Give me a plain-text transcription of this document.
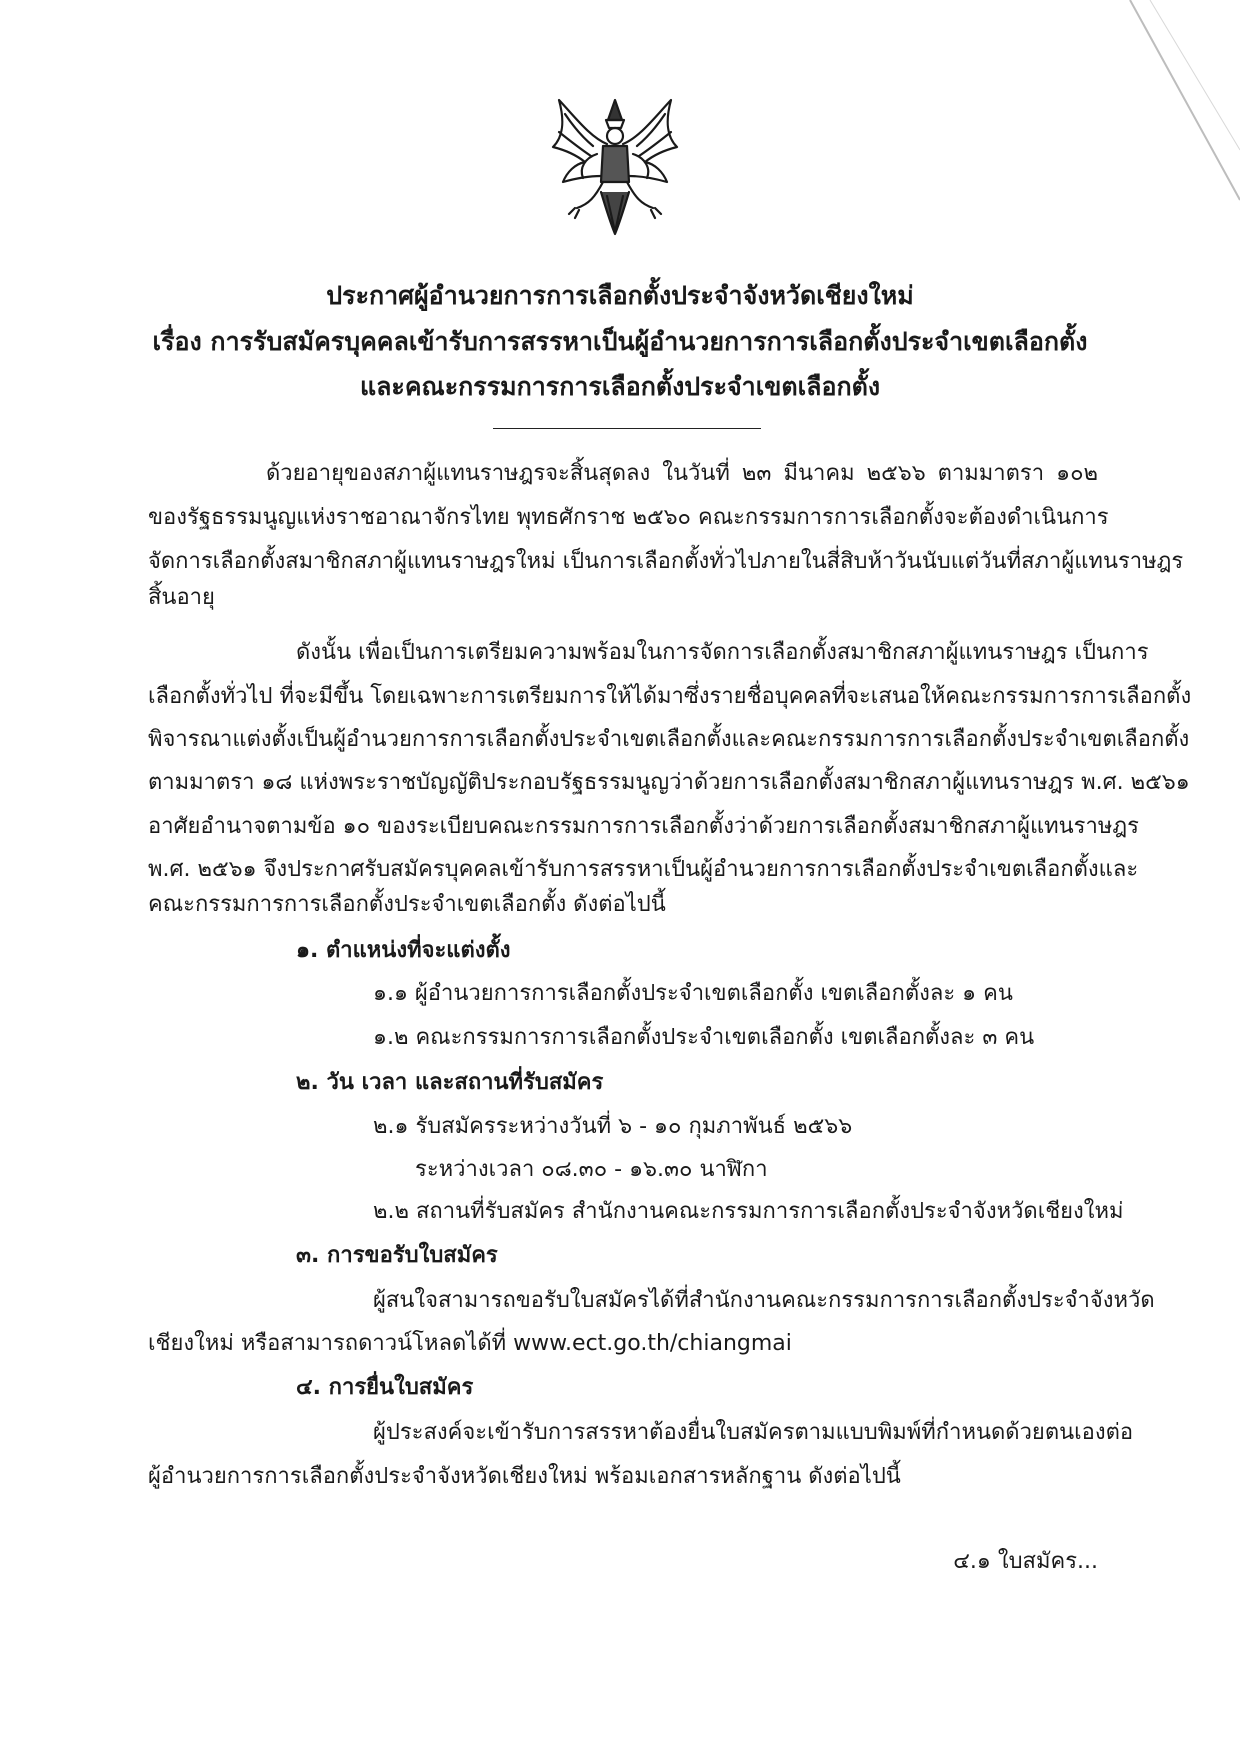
ประกาศผู้อำนวยการการเลือกตั้งประจำจังหวัดเชียงใหม่
เรื่อง การรับสมัครบุคคลเข้ารับการสรรหาเป็นผู้อำนวยการการเลือกตั้งประจำเขตเลือกตั้ง
และคณะกรรมการการเลือกตั้งประจำเขตเลือกตั้ง
ด้วยอายุของสภาผู้แทนราษฎรจะสิ้นสุดลง ในวันที่ ๒๓ มีนาคม ๒๕๖๖ ตามมาตรา ๑๐๒
ของรัฐธรรมนูญแห่งราชอาณาจักรไทย พุทธศักราช ๒๕๖๐ คณะกรรมการการเลือกตั้งจะต้องดำเนินการ
จัดการเลือกตั้งสมาชิกสภาผู้แทนราษฎรใหม่ เป็นการเลือกตั้งทั่วไปภายในสี่สิบห้าวันนับแต่วันที่สภาผู้แทนราษฎร
สิ้นอายุ
ดังนั้น เพื่อเป็นการเตรียมความพร้อมในการจัดการเลือกตั้งสมาชิกสภาผู้แทนราษฎร เป็นการ
เลือกตั้งทั่วไป ที่จะมีขึ้น โดยเฉพาะการเตรียมการให้ได้มาซึ่งรายชื่อบุคคลที่จะเสนอให้คณะกรรมการการเลือกตั้ง
พิจารณาแต่งตั้งเป็นผู้อำนวยการการเลือกตั้งประจำเขตเลือกตั้งและคณะกรรมการการเลือกตั้งประจำเขตเลือกตั้ง
ตามมาตรา ๑๘ แห่งพระราชบัญญัติประกอบรัฐธรรมนูญว่าด้วยการเลือกตั้งสมาชิกสภาผู้แทนราษฎร พ.ศ. ๒๕๖๑
อาศัยอำนาจตามข้อ ๑๐ ของระเบียบคณะกรรมการการเลือกตั้งว่าด้วยการเลือกตั้งสมาชิกสภาผู้แทนราษฎร
พ.ศ. ๒๕๖๑ จึงประกาศรับสมัครบุคคลเข้ารับการสรรหาเป็นผู้อำนวยการการเลือกตั้งประจำเขตเลือกตั้งและ
คณะกรรมการการเลือกตั้งประจำเขตเลือกตั้ง ดังต่อไปนี้
๑. ตำแหน่งที่จะแต่งตั้ง
๑.๑ ผู้อำนวยการการเลือกตั้งประจำเขตเลือกตั้ง เขตเลือกตั้งละ ๑ คน
๑.๒ คณะกรรมการการเลือกตั้งประจำเขตเลือกตั้ง เขตเลือกตั้งละ ๓ คน
๒. วัน เวลา และสถานที่รับสมัคร
๒.๑ รับสมัครระหว่างวันที่ ๖ - ๑๐ กุมภาพันธ์ ๒๕๖๖
ระหว่างเวลา ๐๘.๓๐ - ๑๖.๓๐ นาฬิกา
๒.๒ สถานที่รับสมัคร สำนักงานคณะกรรมการการเลือกตั้งประจำจังหวัดเชียงใหม่
๓. การขอรับใบสมัคร
ผู้สนใจสามารถขอรับใบสมัครได้ที่สำนักงานคณะกรรมการการเลือกตั้งประจำจังหวัด
เชียงใหม่ หรือสามารถดาวน์โหลดได้ที่ www.ect.go.th/chiangmai
๔. การยื่นใบสมัคร
ผู้ประสงค์จะเข้ารับการสรรหาต้องยื่นใบสมัครตามแบบพิมพ์ที่กำหนดด้วยตนเองต่อ
ผู้อำนวยการการเลือกตั้งประจำจังหวัดเชียงใหม่ พร้อมเอกสารหลักฐาน ดังต่อไปนี้
๔.๑ ใบสมัคร...
